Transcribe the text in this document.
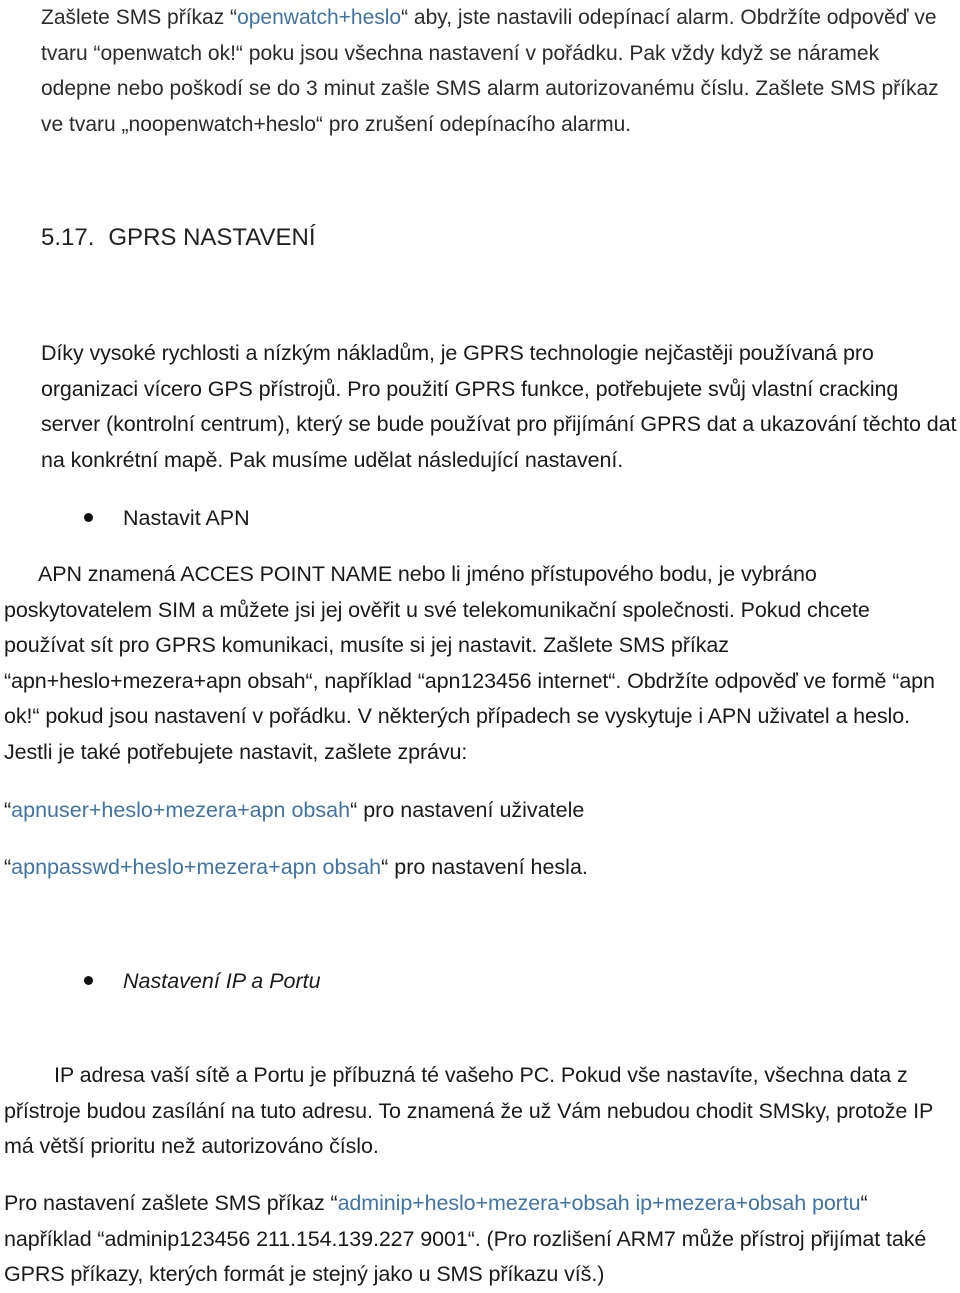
Zašlete SMS příkaz “openwatch+heslo“ aby, jste nastavili odepínací alarm. Obdržíte odpověď ve tvaru “openwatch ok!“ poku jsou všechna nastavení v pořádku. Pak vždy když se náramek odepne nebo poškodí se do 3 minut zašle SMS alarm autorizovanému číslu. Zašlete SMS příkaz ve tvaru „noopenwatch+heslo“ pro zrušení odepínacího alarmu.

5.17. GPRS NASTAVENÍ

Díky vysoké rychlosti a nízkým nákladům, je GPRS technologie nejčastěji používaná pro organizaci vícero GPS přístrojů. Pro použití GPRS funkce, potřebujete svůj vlastní cracking server (kontrolní centrum), který se bude používat pro přijímání GPRS dat a ukazování těchto dat na konkrétní mapě. Pak musíme udělat následující nastavení.

Nastavit APN

APN znamená ACCES POINT NAME nebo li jméno přístupového bodu, je vybráno poskytovatelem SIM a můžete jsi jej ověřit u své telekomunikační společnosti. Pokud chcete používat sít pro GPRS komunikaci, musíte si jej nastavit. Zašlete SMS příkaz “apn+heslo+mezera+apn obsah“, například “apn123456 internet“. Obdržíte odpověď ve formě “apn ok!“ pokud jsou nastavení v pořádku. V některých případech se vyskytuje i APN uživatel a heslo. Jestli je také potřebujete nastavit, zašlete zprávu:

“apnuser+heslo+mezera+apn obsah“ pro nastavení uživatele
“apnpasswd+heslo+mezera+apn obsah“ pro nastavení hesla.
Nastavení IP a Portu

IP adresa vaší sítě a Portu je příbuzná té vašeho PC. Pokud vše nastavíte, všechna data z přístroje budou zasílání na tuto adresu. To znamená že už Vám nebudou chodit SMSky, protože IP má větší prioritu než autorizováno číslo.

Pro nastavení zašlete SMS příkaz “adminip+heslo+mezera+obsah ip+mezera+obsah portu“ například “adminip123456 211.154.139.227 9001“. (Pro rozlišení ARM7 může přístroj přijímat také GPRS příkazy, kterých formát je stejný jako u SMS příkazu víš.)
